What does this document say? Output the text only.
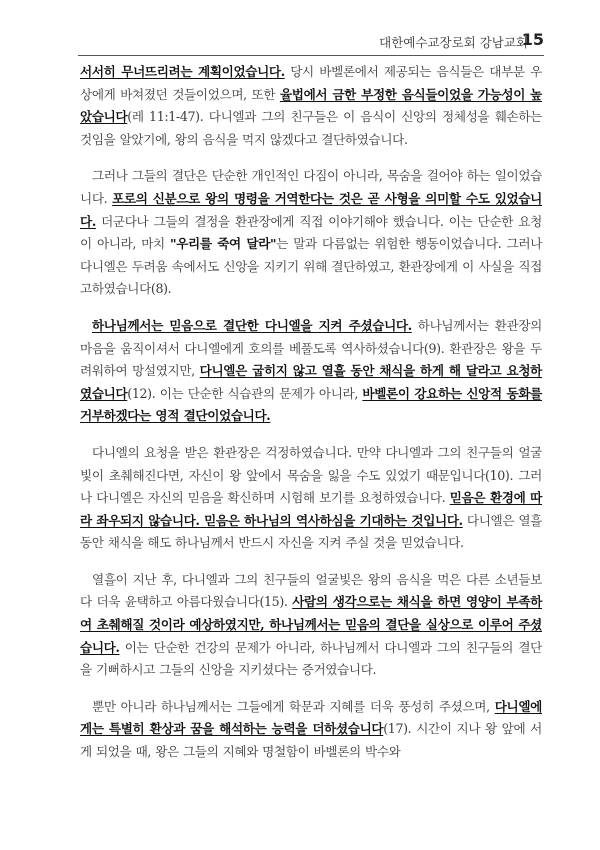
대한예수교장로회 강남교회
15

서서히 무너뜨리려는 계획이었습니다. 당시 바벨론에서 제공되는 음식들은 대부분 우상에게 바쳐졌던 것들이었으며, 또한 율법에서 금한 부정한 음식들이었을 가능성이 높았습니다(레 11:1-47). 다니엘과 그의 친구들은 이 음식이 신앙의 정체성을 훼손하는 것임을 알았기에, 왕의 음식을 먹지 않겠다고 결단하였습니다.

그러나 그들의 결단은 단순한 개인적인 다짐이 아니라, 목숨을 걸어야 하는 일이었습니다. 포로의 신분으로 왕의 명령을 거역한다는 것은 곧 사형을 의미할 수도 있었습니다. 더군다나 그들의 결정을 환관장에게 직접 이야기해야 했습니다. 이는 단순한 요청이 아니라, 마치 "우리를 죽여 달라"는 말과 다름없는 위험한 행동이었습니다. 그러나 다니엘은 두려움 속에서도 신앙을 지키기 위해 결단하였고, 환관장에게 이 사실을 직접 고하였습니다(8).

하나님께서는 믿음으로 결단한 다니엘을 지켜 주셨습니다. 하나님께서는 환관장의 마음을 움직이셔서 다니엘에게 호의를 베풀도록 역사하셨습니다(9). 환관장은 왕을 두려워하여 망설였지만, 다니엘은 굽히지 않고 열흘 동안 채식을 하게 해 달라고 요청하였습니다(12). 이는 단순한 식습관의 문제가 아니라, 바벨론이 강요하는 신앙적 동화를 거부하겠다는 영적 결단이었습니다.

다니엘의 요청을 받은 환관장은 걱정하였습니다. 만약 다니엘과 그의 친구들의 얼굴빛이 초췌해진다면, 자신이 왕 앞에서 목숨을 잃을 수도 있었기 때문입니다(10). 그러나 다니엘은 자신의 믿음을 확신하며 시험해 보기를 요청하였습니다. 믿음은 환경에 따라 좌우되지 않습니다. 믿음은 하나님의 역사하심을 기대하는 것입니다. 다니엘은 열흘 동안 채식을 해도 하나님께서 반드시 자신을 지켜 주실 것을 믿었습니다.

열흘이 지난 후, 다니엘과 그의 친구들의 얼굴빛은 왕의 음식을 먹은 다른 소년들보다 더욱 윤택하고 아름다웠습니다(15). 사람의 생각으로는 채식을 하면 영양이 부족하여 초췌해질 것이라 예상하였지만, 하나님께서는 믿음의 결단을 실상으로 이루어 주셨습니다. 이는 단순한 건강의 문제가 아니라, 하나님께서 다니엘과 그의 친구들의 결단을 기뻐하시고 그들의 신앙을 지키셨다는 증거였습니다.

뿐만 아니라 하나님께서는 그들에게 학문과 지혜를 더욱 풍성히 주셨으며, 다니엘에게는 특별히 환상과 꿈을 해석하는 능력을 더하셨습니다(17). 시간이 지나 왕 앞에 서게 되었을 때, 왕은 그들의 지혜와 명철함이 바벨론의 박수와
